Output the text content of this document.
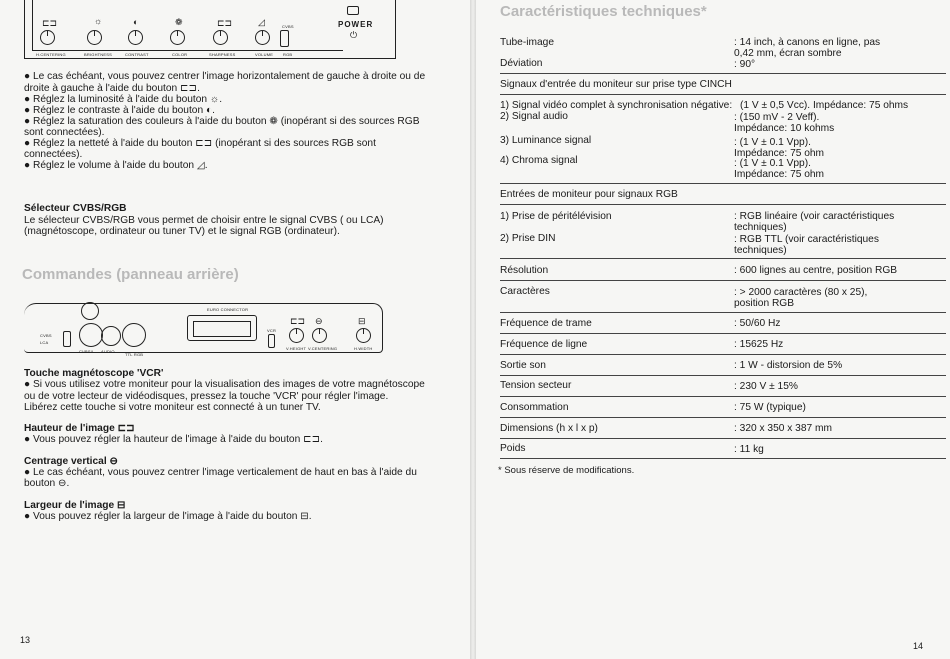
⊏⊐	☼	◐	❁	⊏⊐	◿	CVBS
H.CENTERING	BRIGHTNESS	CONTRAST	COLOR	SHARPNESS	VOLUME RGB
POWER
⏻
● Le cas échéant, vous pouvez centrer l'image horizontalement de gauche à droite ou de
droite à gauche à l'aide du bouton ⊏⊐.
● Réglez la luminosité à l'aide du bouton ☼.
● Réglez le contraste à l'aide du bouton ◐.
● Réglez la saturation des couleurs à l'aide du bouton ❁ (inopérant si des sources RGB
sont connectées).
● Réglez la netteté à l'aide du bouton ⊏⊐ (inopérant si des sources RGB sont
connectées).
● Réglez le volume à l'aide du bouton ◿.
Sélecteur CVBS/RGB
Le sélecteur CVBS/RGB vous permet de choisir entre le signal CVBS ( ou LCA)
(magnétoscope, ordinateur ou tuner TV) et le signal RGB (ordinateur).
Commandes (panneau arrière)
CVBS
LCA
CVBS/L AUDIO
TTL RGB
EURO CONNECTOR
VCR
⊏⊐ ⊖	⊟
V.HEIGHT V.CENTERING	H.WIDTH
Touche magnétoscope 'VCR'
● Si vous utilisez votre moniteur pour la visualisation des images de votre magnétoscope
ou de votre lecteur de vidéodisques, pressez la touche 'VCR' pour régler l'image.
Libérez cette touche si votre moniteur est connecté à un tuner TV.
Hauteur de l'image ⊏⊐
● Vous pouvez régler la hauteur de l'image à l'aide du bouton ⊏⊐.
Centrage vertical ⊖
● Le cas échéant, vous pouvez centrer l'image verticalement de haut en bas à l'aide du
bouton ⊖.
Largeur de l'image ⊟
● Vous pouvez régler la largeur de l'image à l'aide du bouton ⊟.
13
Caractéristiques techniques*
Tube-image	: 14 inch, à canons en ligne, pas
0,42 mm, écran sombre
Déviation	: 90°
Signaux d'entrée du moniteur sur prise type CINCH
1) Signal vidéo complet à synchronisation négative: (1 V ± 0,5 Vcc). Impédance: 75 ohms
2) Signal audio	: (150 mV - 2 Veff).
Impédance: 10 kohms
3) Luminance signal	: (1 V ± 0.1 Vpp).
Impédance: 75 ohm
4) Chroma signal	: (1 V ± 0.1 Vpp).
Impédance: 75 ohm
Entrées de moniteur pour signaux RGB
1) Prise de péritélévision	: RGB linéaire (voir caractéristiques
techniques)
2) Prise DIN	: RGB TTL (voir caractéristiques
techniques)
Résolution	: 600 lignes au centre, position RGB
Caractères	: > 2000 caractères (80 x 25),
position RGB
Fréquence de trame	: 50/60 Hz
Fréquence de ligne	: 15625 Hz
Sortie son	: 1 W - distorsion de 5%
Tension secteur	: 230 V ± 15%
Consommation	: 75 W (typique)
Dimensions (h x l x p)	: 320 x 350 x 387 mm
Poids	: 11 kg
* Sous réserve de modifications.
14
